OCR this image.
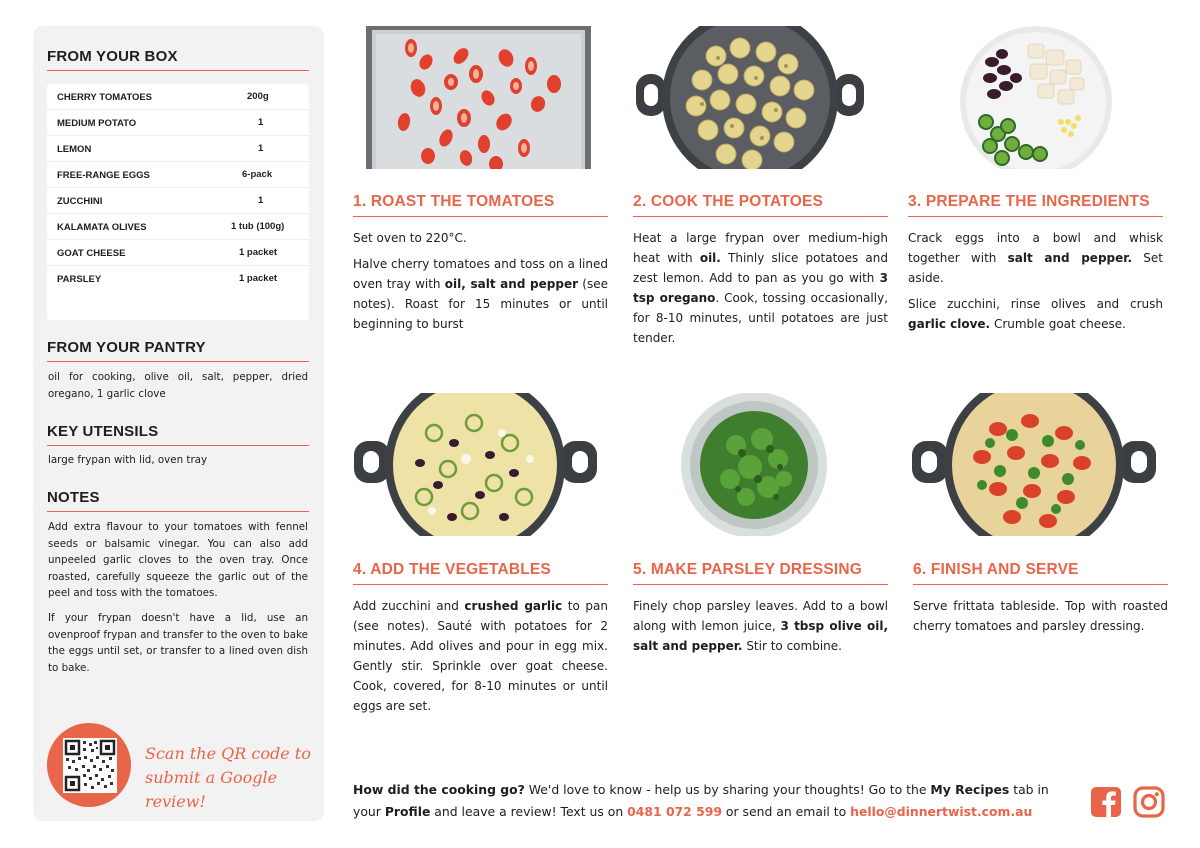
FROM YOUR BOX
CHERRY TOMATOES	200g
MEDIUM POTATO	1
LEMON	1
FREE-RANGE EGGS	6-pack
ZUCCHINI	1
KALAMATA OLIVES	1 tub (100g)
GOAT CHEESE	1 packet
PARSLEY	1 packet
FROM YOUR PANTRY
oil for cooking, olive oil, salt, pepper, dried oregano, 1 garlic clove
KEY UTENSILS
large frypan with lid, oven tray
NOTES
Add extra flavour to your tomatoes with fennel seeds or balsamic vinegar. You can also add unpeeled garlic cloves to the oven tray. Once roasted, carefully squeeze the garlic out of the peel and toss with the tomatoes.
If your frypan doesn't have a lid, use an ovenproof frypan and transfer to the oven to bake the eggs until set, or transfer to a lined oven dish to bake.
Scan the QR code to
submit a Google review!
1. ROAST THE TOMATOES

Set oven to 220°C.

Halve cherry tomatoes and toss on a lined oven tray with oil, salt and pepper (see notes). Roast for 15 minutes or until beginning to burst

2. COOK THE POTATOES

Heat a large frypan over medium-high heat with oil. Thinly slice potatoes and zest lemon. Add to pan as you go with 3 tsp oregano. Cook, tossing occasionally, for 8-10 minutes, until potatoes are just tender.

3. PREPARE THE INGREDIENTS

Crack eggs into a bowl and whisk together with salt and pepper. Set aside.

Slice zucchini, rinse olives and crush garlic clove. Crumble goat cheese.

4. ADD THE VEGETABLES

Add zucchini and crushed garlic to pan (see notes). Sauté with potatoes for 2 minutes. Add olives and pour in egg mix. Gently stir. Sprinkle over goat cheese. Cook, covered, for 8-10 minutes or until eggs are set.

5. MAKE PARSLEY DRESSING

Finely chop parsley leaves. Add to a bowl along with lemon juice, 3 tbsp olive oil, salt and pepper. Stir to combine.

6. FINISH AND SERVE

Serve frittata tableside. Top with roasted cherry tomatoes and parsley dressing.

How did the cooking go? We'd love to know - help us by sharing your thoughts! Go to the My Recipes tab in your Profile and leave a review! Text us on 0481 072 599 or send an email to hello@dinnertwist.com.au
